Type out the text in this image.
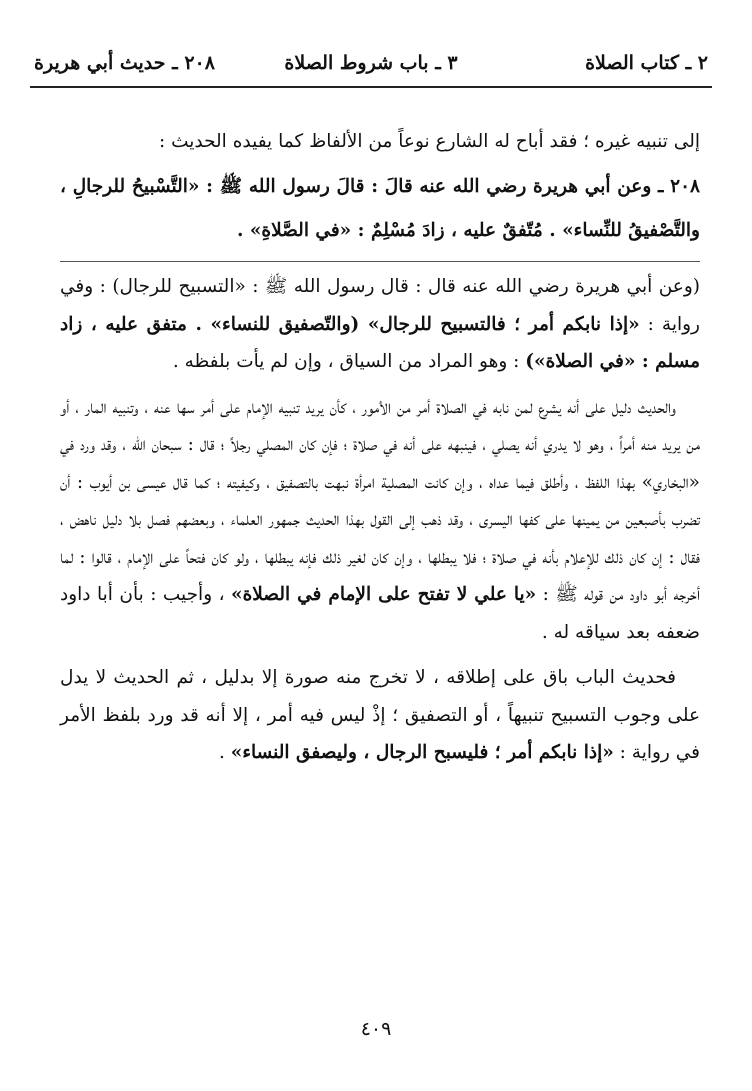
٢ ـ كتاب الصلاة
٣ ـ باب شروط الصلاة
٢٠٨ ـ حديث أبي هريرة

إلى تنبيه غيره ؛ فقد أباح له الشارع نوعاً من الألفاظ كما يفيده الحديث :

٢٠٨ ـ وعن أبي هريرة رضي الله عنه قالَ : قالَ رسول الله ﷺ : «التَّسْبيحُ للرجالِ ، والتَّصْفيقُ للنِّساء» . مُتّفقٌ عليه ، زادَ مُسْلِمٌ : «في الصَّلاةِ» .

(وعن أبي هريرة رضي الله عنه قال : قال رسول الله ﷺ : «التسبيح للرجال) : وفي رواية : «إذا نابكم أمر ؛ فالتسبيح للرجال» (والتّصفيق للنساء» . متفق عليه ، زاد مسلم : «في الصلاة») : وهو المراد من السياق ، وإن لم يأت بلفظه .

والحديث دليل على أنه يشرع لمن نابه في الصلاة أمر من الأمور ، كأن يريد تنبيه الإمام على أمر سها عنه ، وتنبيه المار ، أو من يريد منه أمراً ، وهو لا يدري أنه يصلي ، فينبهه على أنه في صلاة ؛ فإن كان المصلي رجلاً ؛ قال : سبحان الله ، وقد ورد في «البخاري» بهذا اللفظ ، وأطلق فيما عداه ، وإن كانت المصلية امرأة نبهت بالتصفيق ، وكيفيته ؛ كما قال عيسى بن أيوب : أن تضرب بأصبعين من يمينها على كفها اليسرى ، وقد ذهب إلى القول بهذا الحديث جمهور العلماء ، وبعضهم فصل بلا دليل ناهض ، فقال : إن كان ذلك للإعلام بأنه في صلاة ؛ فلا يبطلها ، وإن كان لغير ذلك فإنه يبطلها ، ولو كان فتحاً على الإمام ، قالوا : لما أخرجه أبو داود من قوله ﷺ : «يا علي لا تفتح على الإمام في الصلاة» ، وأجيب : بأن أبا داود ضعفه بعد سياقه له .

فحديث الباب باق على إطلاقه ، لا تخرج منه صورة إلا بدليل ، ثم الحديث لا يدل على وجوب التسبيح تنبيهاً ، أو التصفيق ؛ إذْ ليس فيه أمر ، إلا أنه قد ورد بلفظ الأمر في رواية : «إذا نابكم أمر ؛ فليسبح الرجال ، وليصفق النساء» .

٤٠٩
